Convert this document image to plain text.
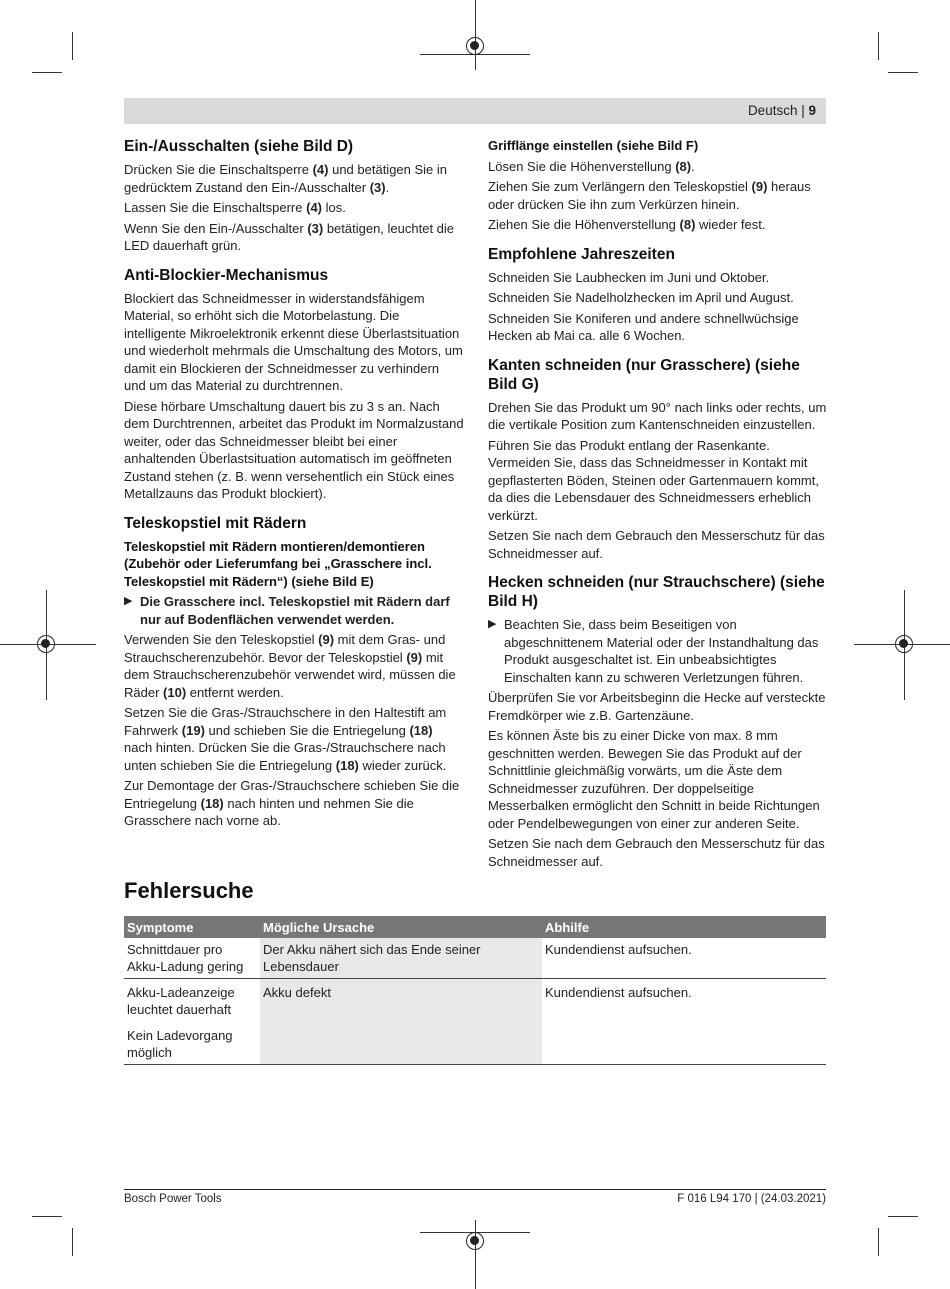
Deutsch | 9
Ein-/Ausschalten (siehe Bild D)

Drücken Sie die Einschaltsperre (4) und betätigen Sie in gedrücktem Zustand den Ein-/Ausschalter (3).

Lassen Sie die Einschaltsperre (4) los.

Wenn Sie den Ein-/Ausschalter (3) betätigen, leuchtet die LED dauerhaft grün.

Anti-Blockier-Mechanismus

Blockiert das Schneidmesser in widerstandsfähigem Material, so erhöht sich die Motorbelastung. Die intelligente Mikroelektronik erkennt diese Überlastsituation und wiederholt mehrmals die Umschaltung des Motors, um damit ein Blockieren der Schneidmesser zu verhindern und um das Material zu durchtrennen.

Diese hörbare Umschaltung dauert bis zu 3 s an. Nach dem Durchtrennen, arbeitet das Produkt im Normalzustand weiter, oder das Schneidmesser bleibt bei einer anhaltenden Überlastsituation automatisch im geöffneten Zustand stehen (z. B. wenn versehentlich ein Stück eines Metallzauns das Produkt blockiert).

Teleskopstiel mit Rädern
Teleskopstiel mit Rädern montieren/demontieren (Zubehör oder Lieferumfang bei „Grasschere incl. Teleskopstiel mit Rädern“) (siehe Bild E)
▶ Die Grasschere incl. Teleskopstiel mit Rädern darf nur auf Bodenflächen verwendet werden.

Verwenden Sie den Teleskopstiel (9) mit dem Gras- und Strauchscherenzubehör. Bevor der Teleskopstiel (9) mit dem Strauchscherenzubehör verwendet wird, müssen die Räder (10) entfernt werden.

Setzen Sie die Gras-/Strauchschere in den Haltestift am Fahrwerk (19) und schieben Sie die Entriegelung (18) nach hinten. Drücken Sie die Gras-/Strauchschere nach unten schieben Sie die Entriegelung (18) wieder zurück.

Zur Demontage der Gras-/Strauchschere schieben Sie die Entriegelung (18) nach hinten und nehmen Sie die Grasschere nach vorne ab.

Grifflänge einstellen (siehe Bild F)

Lösen Sie die Höhenverstellung (8).

Ziehen Sie zum Verlängern den Teleskopstiel (9) heraus oder drücken Sie ihn zum Verkürzen hinein.

Ziehen Sie die Höhenverstellung (8) wieder fest.

Empfohlene Jahreszeiten

Schneiden Sie Laubhecken im Juni und Oktober.

Schneiden Sie Nadelholzhecken im April und August.

Schneiden Sie Koniferen und andere schnellwüchsige Hecken ab Mai ca. alle 6 Wochen.

Kanten schneiden (nur Grasschere) (siehe Bild G)

Drehen Sie das Produkt um 90° nach links oder rechts, um die vertikale Position zum Kantenschneiden einzustellen.

Führen Sie das Produkt entlang der Rasenkante. Vermeiden Sie, dass das Schneidmesser in Kontakt mit gepflasterten Böden, Steinen oder Gartenmauern kommt, da dies die Lebensdauer des Schneidmessers erheblich verkürzt.

Setzen Sie nach dem Gebrauch den Messerschutz für das Schneidmesser auf.

Hecken schneiden (nur Strauchschere) (siehe Bild H)
▶ Beachten Sie, dass beim Beseitigen von abgeschnittenem Material oder der Instandhaltung das Produkt ausgeschaltet ist. Ein unbeabsichtigtes Einschalten kann zu schweren Verletzungen führen.

Überprüfen Sie vor Arbeitsbeginn die Hecke auf versteckte Fremdkörper wie z.B. Gartenzäune.

Es können Äste bis zu einer Dicke von max. 8 mm geschnitten werden. Bewegen Sie das Produkt auf der Schnittlinie gleichmäßig vorwärts, um die Äste dem Schneidmesser zuzuführen. Der doppelseitige Messerbalken ermöglicht den Schnitt in beide Richtungen oder Pendelbewegungen von einer zur anderen Seite.

Setzen Sie nach dem Gebrauch den Messerschutz für das Schneidmesser auf.

Fehlersuche
Symptome	Mögliche Ursache	Abhilfe
Schnittdauer pro Akku-Ladung gering	Der Akku nähert sich das Ende seiner Lebensdauer	Kundendienst aufsuchen.
Akku-Ladeanzeige leuchtet dauerhaft	Akku defekt	Kundendienst aufsuchen.
Kein Ladevorgang möglich		
Bosch Power Tools	F 016 L94 170 | (24.03.2021)
